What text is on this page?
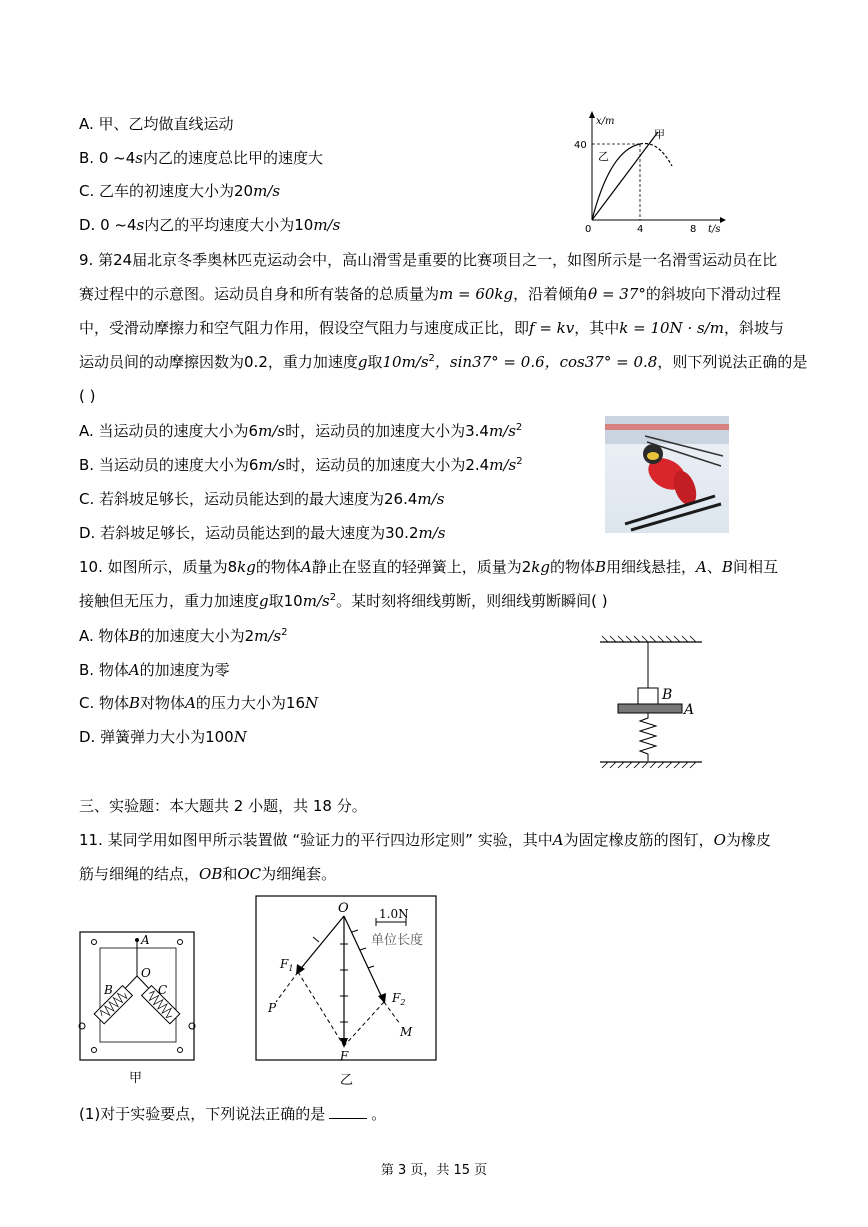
A. 甲、乙均做直线运动
B. 0 ~4s内乙的速度总比甲的速度大
C. 乙车的初速度大小为20m/s
D. 0 ~4s内乙的平均速度大小为10m/s
x/m
t/s
40
0	4	8
甲
乙
9. 第24届北京冬季奥林匹克运动会中，高山滑雪是重要的比赛项目之一，如图所示是一名滑雪运动员在比
赛过程中的示意图。运动员自身和所有装备的总质量为m = 60kg，沿着倾角θ = 37°的斜坡向下滑动过程
中，受滑动摩擦力和空气阻力作用，假设空气阻力与速度成正比，即f = kv，其中k = 10N · s/m，斜坡与
运动员间的动摩擦因数为0.2，重力加速度g取$10m/s^2$，sin37° = 0.6，cos37° = 0.8，则下列说法正确的是
( )
A. 当运动员的速度大小为6m/s时，运动员的加速度大小为$3.4m/s^2$
B. 当运动员的速度大小为6m/s时，运动员的加速度大小为$2.4m/s^2$
C. 若斜坡足够长，运动员能达到的最大速度为26.4m/s
D. 若斜坡足够长，运动员能达到的最大速度为30.2m/s
10. 如图所示，质量为8kg的物体A静止在竖直的轻弹簧上，质量为2kg的物体B用细线悬挂，A、B间相互
接触但无压力，重力加速度g取$10m/s^2$。某时刻将细线剪断，则细线剪断瞬间( )
A. 物体B的加速度大小为$2m/s^2$
B. 物体A的加速度为零
C. 物体B对物体A的压力大小为16N
D. 弹簧弹力大小为100N
B
A
三、实验题：本大题共 2 小题，共 18 分。
11. 某同学用如图甲所示装置做 “验证力的平行四边形定则” 实验，其中A为固定橡皮筋的图钉，O为橡皮
筋与细绳的结点，OB和OC为细绳套。
A
O
B	C
甲
O	1.0N
单位长度
$F_1$
$F_2$
F
P
M
乙
(1)对于实验要点，下列说法正确的是	。
第 3 页，共 15 页
